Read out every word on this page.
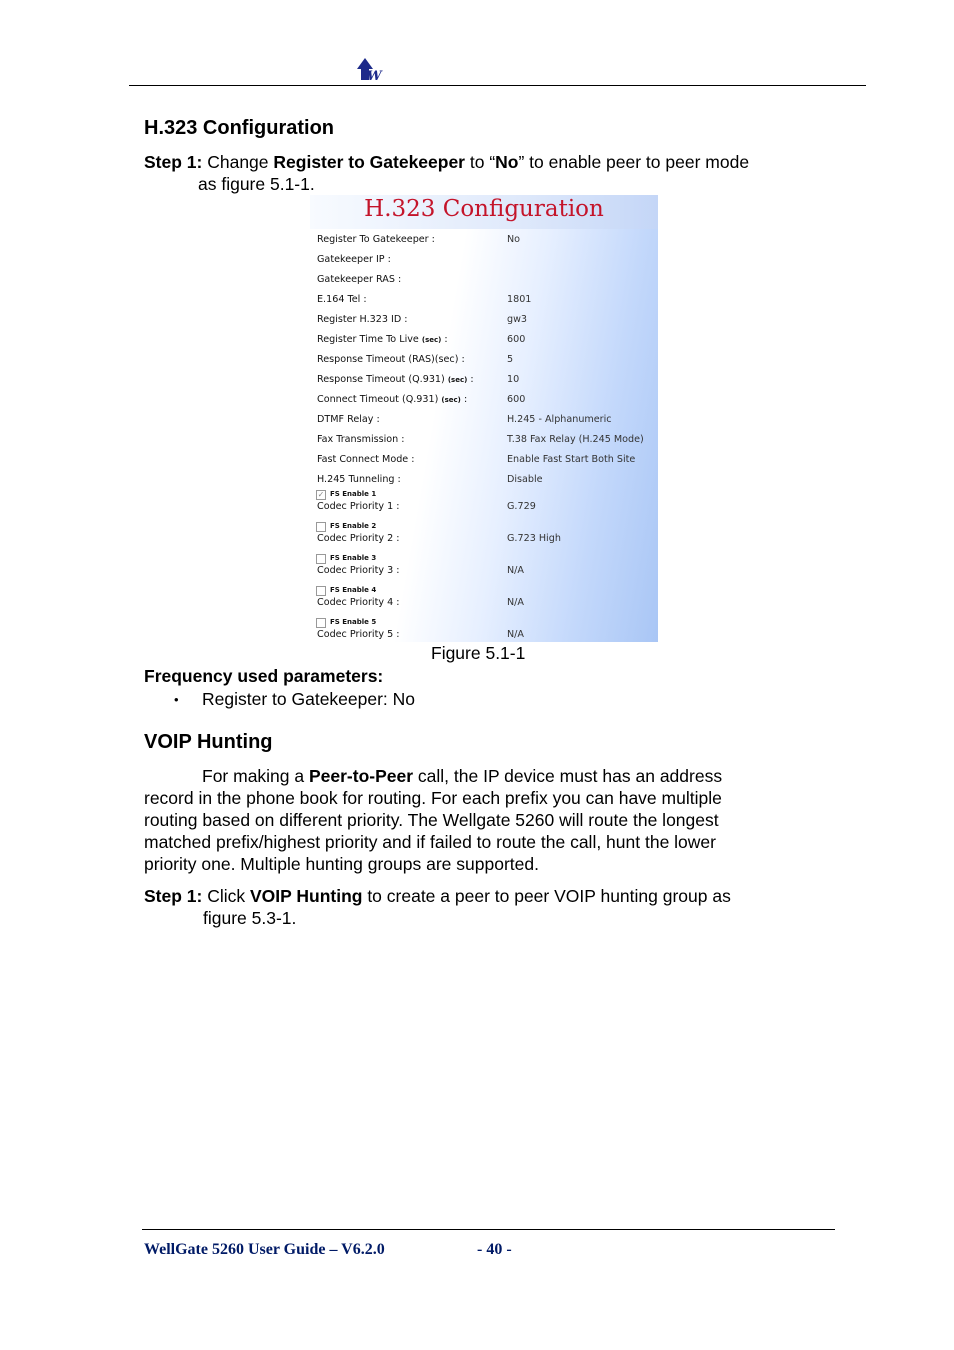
W
H.323 Configuration
Step 1: Change Register to Gatekeeper to “No” to enable peer to peer mode
as figure 5.1-1.
H.323 Configuration
Register To Gatekeeper :	No
Gatekeeper IP :
Gatekeeper RAS :
E.164 Tel :	1801
Register H.323 ID :	gw3
Register Time To Live (sec) :	600
Response Timeout (RAS)(sec) :	5
Response Timeout (Q.931) (sec) :	10
Connect Timeout (Q.931) (sec) :	600
DTMF Relay :	H.245 - Alphanumeric
Fax Transmission :	T.38 Fax Relay (H.245 Mode)
Fast Connect Mode :	Enable Fast Start Both Site
H.245 Tunneling :	Disable
✓ FS Enable 1
Codec Priority 1 :	G.729
FS Enable 2
Codec Priority 2 :	G.723 High
FS Enable 3
Codec Priority 3 :	N/A
FS Enable 4
Codec Priority 4 :	N/A
FS Enable 5
Codec Priority 5 :	N/A
Figure 5.1-1
Frequency used parameters:
• Register to Gatekeeper: No
VOIP Hunting
For making a Peer-to-Peer call, the IP device must has an address
record in the phone book for routing. For each prefix you can have multiple
routing based on different priority. The Wellgate 5260 will route the longest
matched prefix/highest priority and if failed to route the call, hunt the lower
priority one. Multiple hunting groups are supported.
Step 1: Click VOIP Hunting to create a peer to peer VOIP hunting group as
figure 5.3-1.
WellGate 5260 User Guide – V6.2.0	- 40 -
